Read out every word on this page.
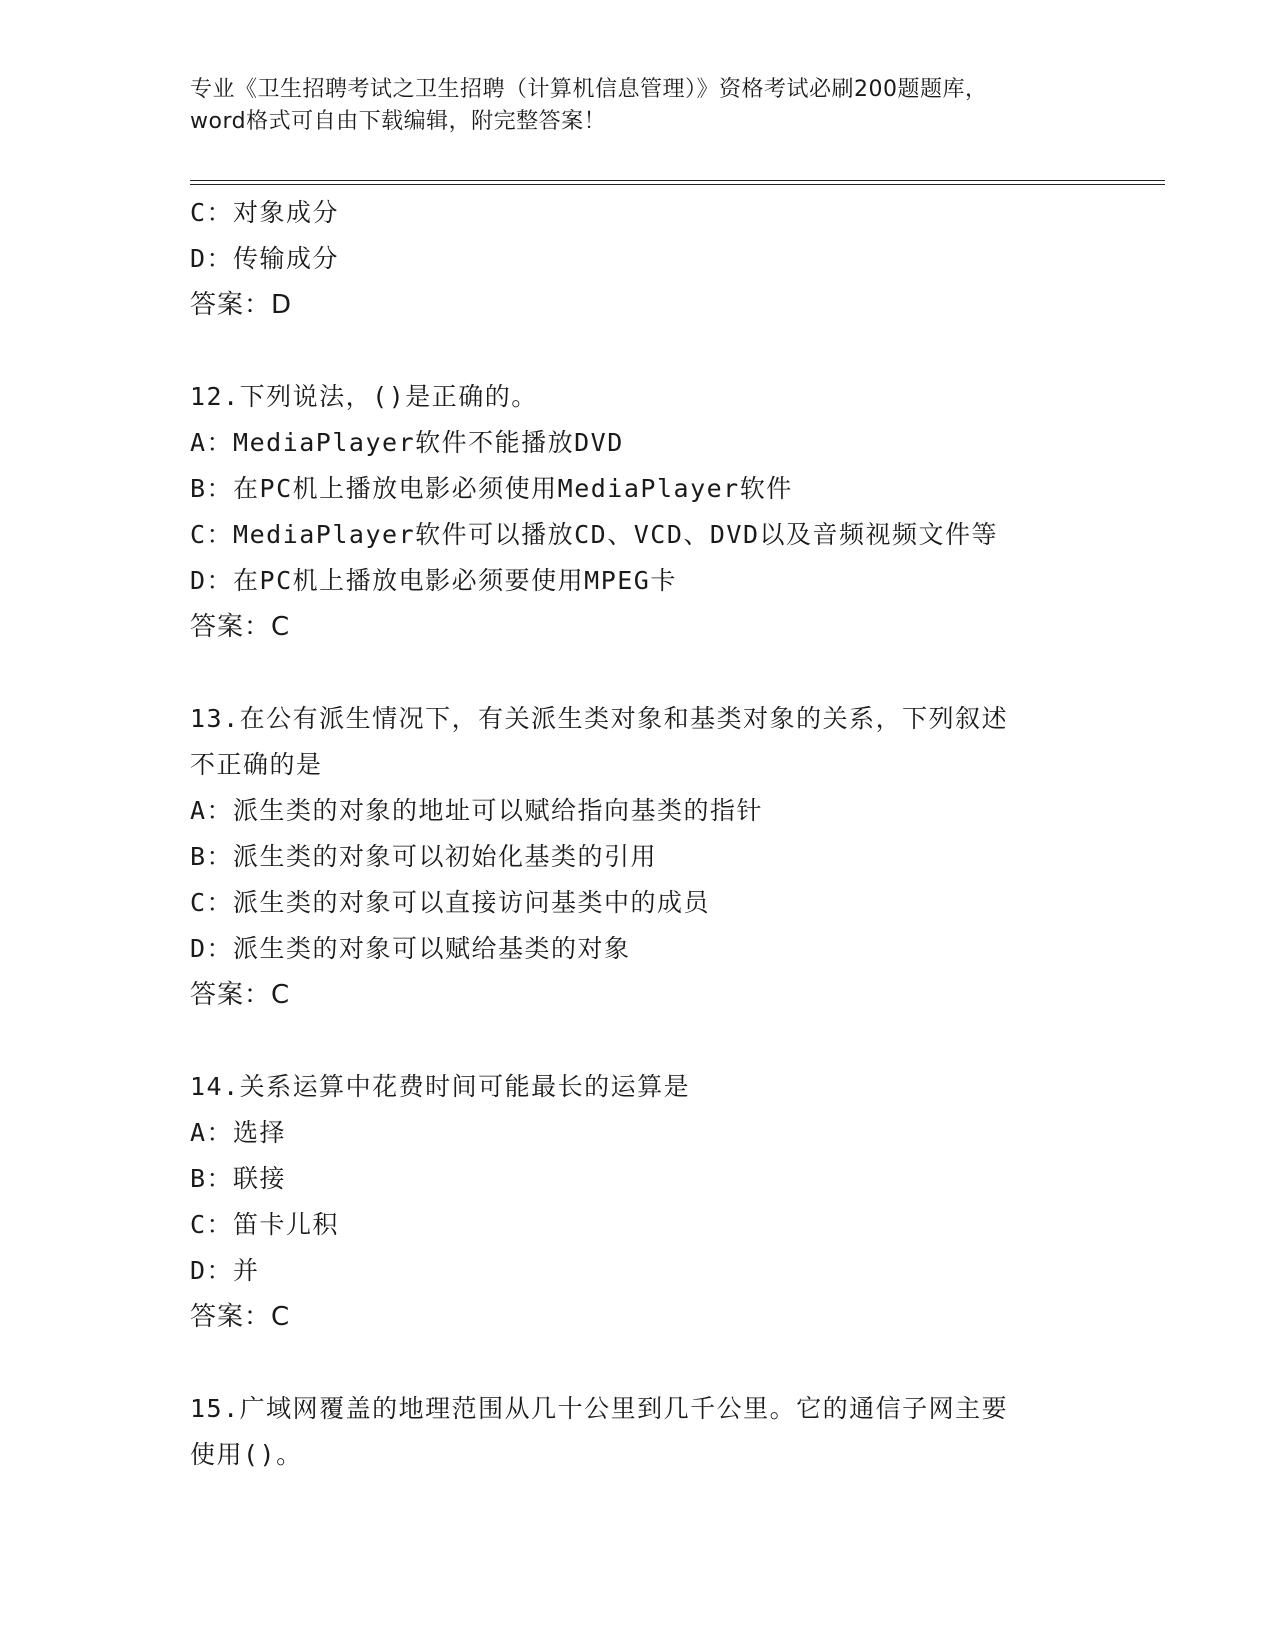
专业《卫生招聘考试之卫生招聘（计算机信息管理）》资格考试必刷200题题库，
word格式可自由下载编辑，附完整答案！
C：对象成分
D：传输成分
答案：D
12.下列说法，()是正确的。
A：MediaPlayer软件不能播放DVD
B：在PC机上播放电影必须使用MediaPlayer软件
C：MediaPlayer软件可以播放CD、VCD、DVD以及音频视频文件等
D：在PC机上播放电影必须要使用MPEG卡
答案：C
13.在公有派生情况下，有关派生类对象和基类对象的关系，下列叙述
不正确的是
A：派生类的对象的地址可以赋给指向基类的指针
B：派生类的对象可以初始化基类的引用
C：派生类的对象可以直接访问基类中的成员
D：派生类的对象可以赋给基类的对象
答案：C
14.关系运算中花费时间可能最长的运算是
A：选择
B：联接
C：笛卡儿积
D：并
答案：C
15.广域网覆盖的地理范围从几十公里到几千公里。它的通信子网主要
使用()。
